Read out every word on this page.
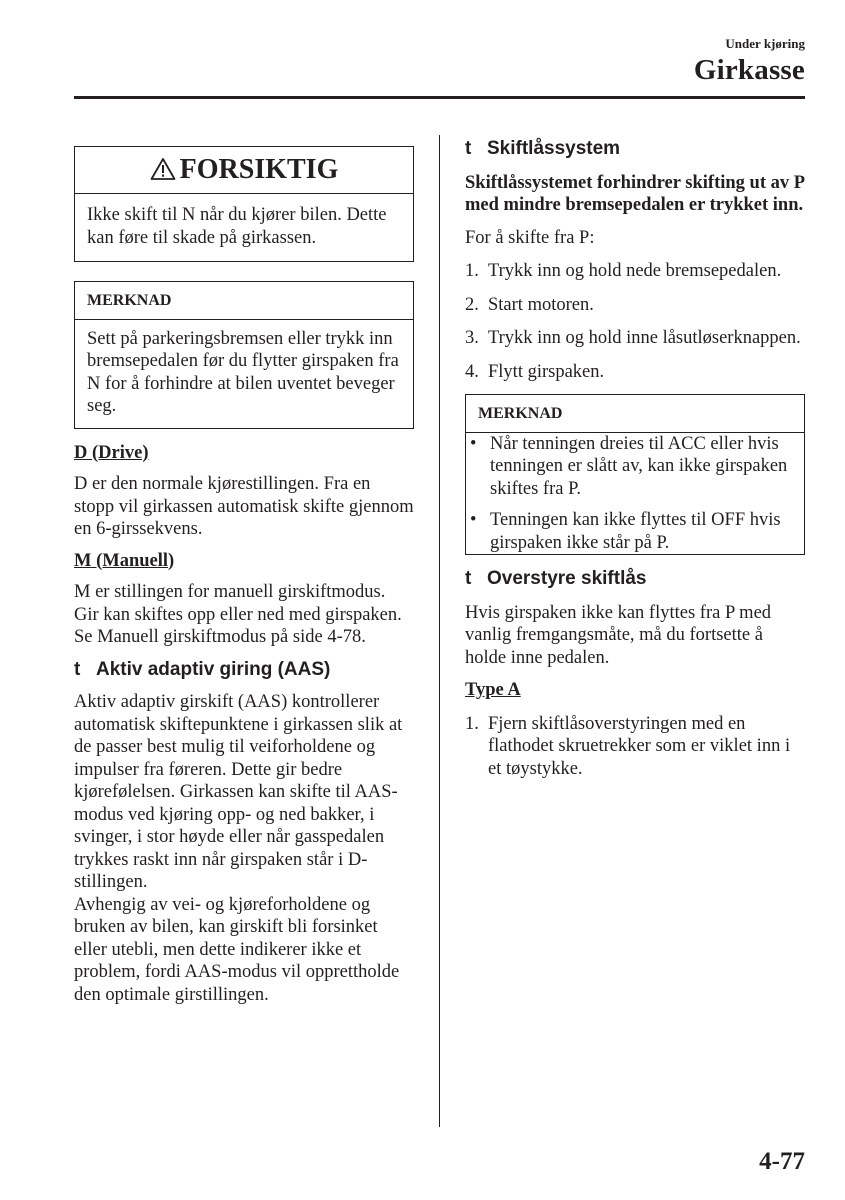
Under kjøring
Girkasse
FORSIKTIG
Ikke skift til N når du kjører bilen. Dette kan føre til skade på girkassen.
MERKNAD
Sett på parkeringsbremsen eller trykk inn bremsepedalen før du flytter girspaken fra N for å forhindre at bilen uventet beveger seg.

D (Drive)

D er den normale kjørestillingen. Fra en stopp vil girkassen automatisk skifte gjennom en 6-girssekvens.

M (Manuell)

M er stillingen for manuell girskiftmodus. Gir kan skiftes opp eller ned med girspaken.

Se Manuell girskiftmodus på side 4-78.

t Aktiv adaptiv giring (AAS)

Aktiv adaptiv girskift (AAS) kontrollerer automatisk skiftepunktene i girkassen slik at de passer best mulig til veiforholdene og impulser fra føreren. Dette gir bedre kjørefølelsen. Girkassen kan skifte til AAS-modus ved kjøring opp- og ned bakker, i svinger, i stor høyde eller når gasspedalen trykkes raskt inn når girspaken står i D-stillingen.

Avhengig av vei- og kjøreforholdene og bruken av bilen, kan girskift bli forsinket eller utebli, men dette indikerer ikke et problem, fordi AAS-modus vil opprettholde den optimale girstillingen.

t Skiftlåssystem

Skiftlåssystemet forhindrer skifting ut av P med mindre bremsepedalen er trykket inn.

For å skifte fra P:

1. Trykk inn og hold nede bremsepedalen.
2. Start motoren.
3. Trykk inn og hold inne låsutløserknappen.
4. Flytt girspaken.
MERKNAD
• Når tenningen dreies til ACC eller hvis tenningen er slått av, kan ikke girspaken skiftes fra P.
• Tenningen kan ikke flyttes til OFF hvis girspaken ikke står på P.

t Overstyre skiftlås

Hvis girspaken ikke kan flyttes fra P med vanlig fremgangsmåte, må du fortsette å holde inne pedalen.

Type A

1. Fjern skiftlåsoverstyringen med en flathodet skruetrekker som er viklet inn i et tøystykke.
4-77
